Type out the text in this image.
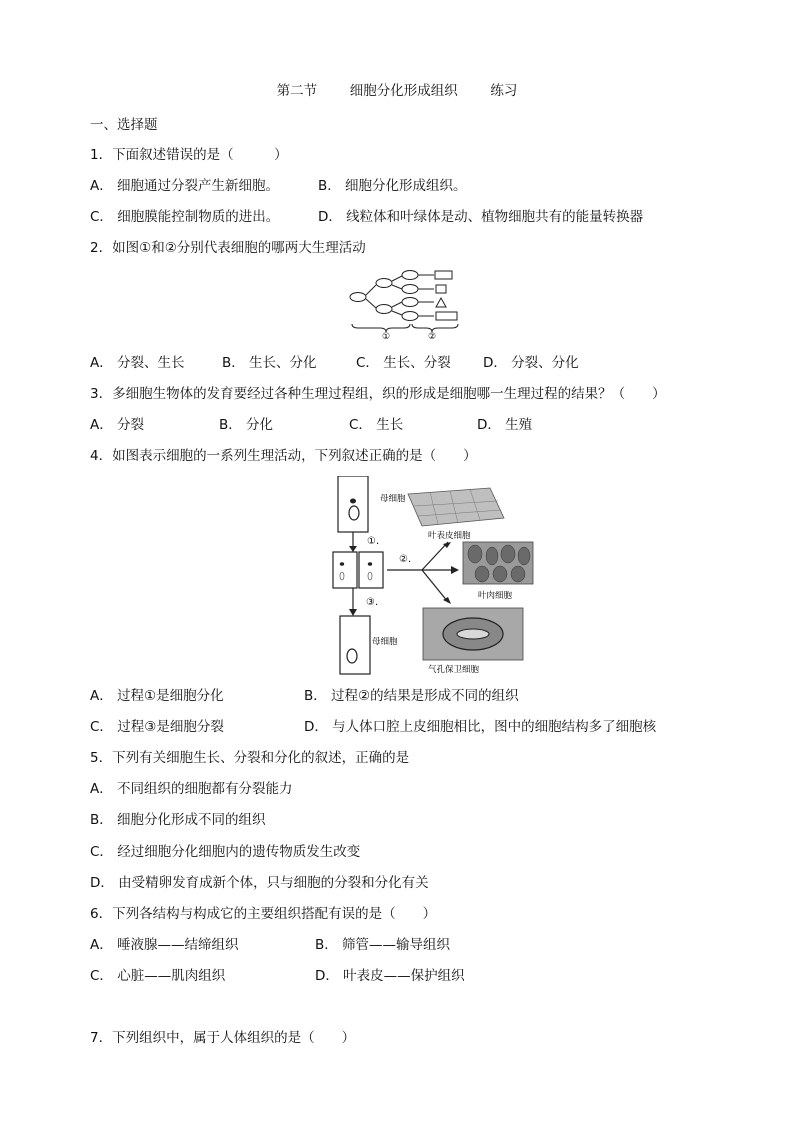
第二节 细胞分化形成组织 练习
一、选择题
1．下面叙述错误的是（　　　）
A． 细胞通过分裂产生新细胞。	B． 细胞分化形成组织。
C． 细胞膜能控制物质的进出。	D． 线粒体和叶绿体是动、植物细胞共有的能量转换器
2．如图①和②分别代表细胞的哪两大生理活动
①	②
A． 分裂、生长	B． 生长、分化	C． 生长、分裂 D． 分裂、分化
3．多细胞生物体的发育要经过各种生理过程组，织的形成是细胞哪一生理过程的结果？（　　）
A． 分裂	B． 分化	C． 生长	D． 生殖
4．如图表示细胞的一系列生理活动，下列叙述正确的是（　　）
母细胞
叶表皮细胞
叶肉细胞
母细胞
气孔保卫细胞
①.
②.
③.
A． 过程①是细胞分化	B． 过程②的结果是形成不同的组织
C． 过程③是细胞分裂	D． 与人体口腔上皮细胞相比，图中的细胞结构多了细胞核
5．下列有关细胞生长、分裂和分化的叙述，正确的是
A． 不同组织的细胞都有分裂能力
B． 细胞分化形成不同的组织
C． 经过细胞分化细胞内的遗传物质发生改变
D． 由受精卵发育成新个体，只与细胞的分裂和分化有关
6．下列各结构与构成它的主要组织搭配有误的是（　　）
A． 唾液腺——结缔组织	B． 筛管——输导组织
C． 心脏——肌肉组织	D． 叶表皮——保护组织
7．下列组织中，属于人体组织的是（　　）
